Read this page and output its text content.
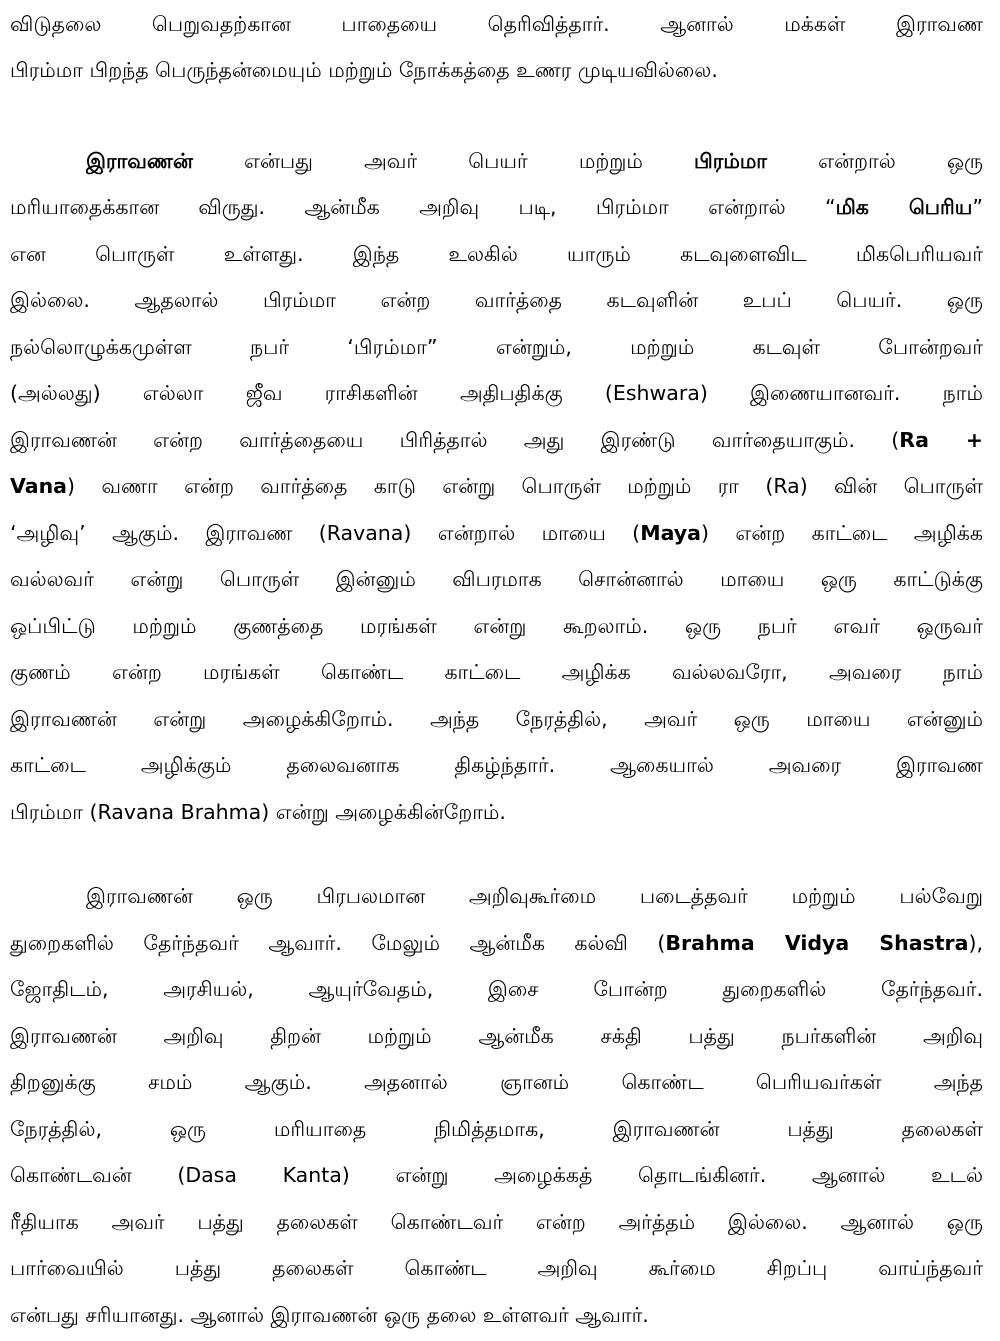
விடுதலை பெறுவதற்கான பாதையை தெரிவித்தார். ஆனால் மக்கள் இராவண
பிரம்மா பிறந்த பெருந்தன்மையும் மற்றும் நோக்கத்தை உணர முடியவில்லை.
இராவணன் என்பது அவர் பெயர் மற்றும் பிரம்மா என்றால் ஒரு
மரியாதைக்கான விருது. ஆன்மீக அறிவு படி, பிரம்மா என்றால் “மிக பெரிய”
என பொருள் உள்ளது. இந்த உலகில் யாரும் கடவுளைவிட மிகபெரியவர்
இல்லை. ஆதலால் பிரம்மா என்ற வார்த்தை கடவுளின் உபப் பெயர். ஒரு
நல்லொழுக்கமுள்ள நபர் ‘பிரம்மா” என்றும், மற்றும் கடவுள் போன்றவர்
(அல்லது) எல்லா ஜீவ ராசிகளின் அதிபதிக்கு (Eshwara) இணையானவர். நாம்
இராவணன் என்ற வார்த்தையை பிரித்தால் அது இரண்டு வார்தையாகும். (Ra +
Vana) வணா என்ற வார்த்தை காடு என்று பொருள் மற்றும் ரா (Ra) வின் பொருள்
‘அழிவு’ ஆகும். இராவண (Ravana) என்றால் மாயை (Maya) என்ற காட்டை அழிக்க
வல்லவர் என்று பொருள் இன்னும் விபரமாக சொன்னால் மாயை ஒரு காட்டுக்கு
ஒப்பிட்டு மற்றும் குணத்தை மரங்கள் என்று கூறலாம். ஒரு நபர் எவர் ஒருவர்
குணம் என்ற மரங்கள் கொண்ட காட்டை அழிக்க வல்லவரோ, அவரை நாம்
இராவணன் என்று அழைக்கிறோம். அந்த நேரத்தில், அவர் ஒரு மாயை என்னும்
காட்டை அழிக்கும் தலைவனாக திகழ்ந்தார். ஆகையால் அவரை இராவண
பிரம்மா (Ravana Brahma) என்று அழைக்கின்றோம்.
இராவணன் ஒரு பிரபலமான அறிவுகூர்மை படைத்தவர் மற்றும் பல்வேறு
துறைகளில் தேர்ந்தவர் ஆவார். மேலும் ஆன்மீக கல்வி (Brahma Vidya Shastra),
ஜோதிடம், அரசியல், ஆயுர்வேதம், இசை போன்ற துறைகளில் தேர்ந்தவர்.
இராவணன் அறிவு திறன் மற்றும் ஆன்மீக சக்தி பத்து நபர்களின் அறிவு
திறனுக்கு சமம் ஆகும். அதனால் ஞானம் கொண்ட பெரியவர்கள் அந்த
நேரத்தில், ஒரு மரியாதை நிமித்தமாக, இராவணன் பத்து தலைகள்
கொண்டவன் (Dasa Kanta) என்று அழைக்கத் தொடங்கினர். ஆனால் உடல்
ரீதியாக அவர் பத்து தலைகள் கொண்டவர் என்ற அர்த்தம் இல்லை. ஆனால் ஒரு
பார்வையில் பத்து தலைகள் கொண்ட அறிவு கூர்மை சிறப்பு வாய்ந்தவர்
என்பது சரியானது. ஆனால் இராவணன் ஒரு தலை உள்ளவர் ஆவார்.
